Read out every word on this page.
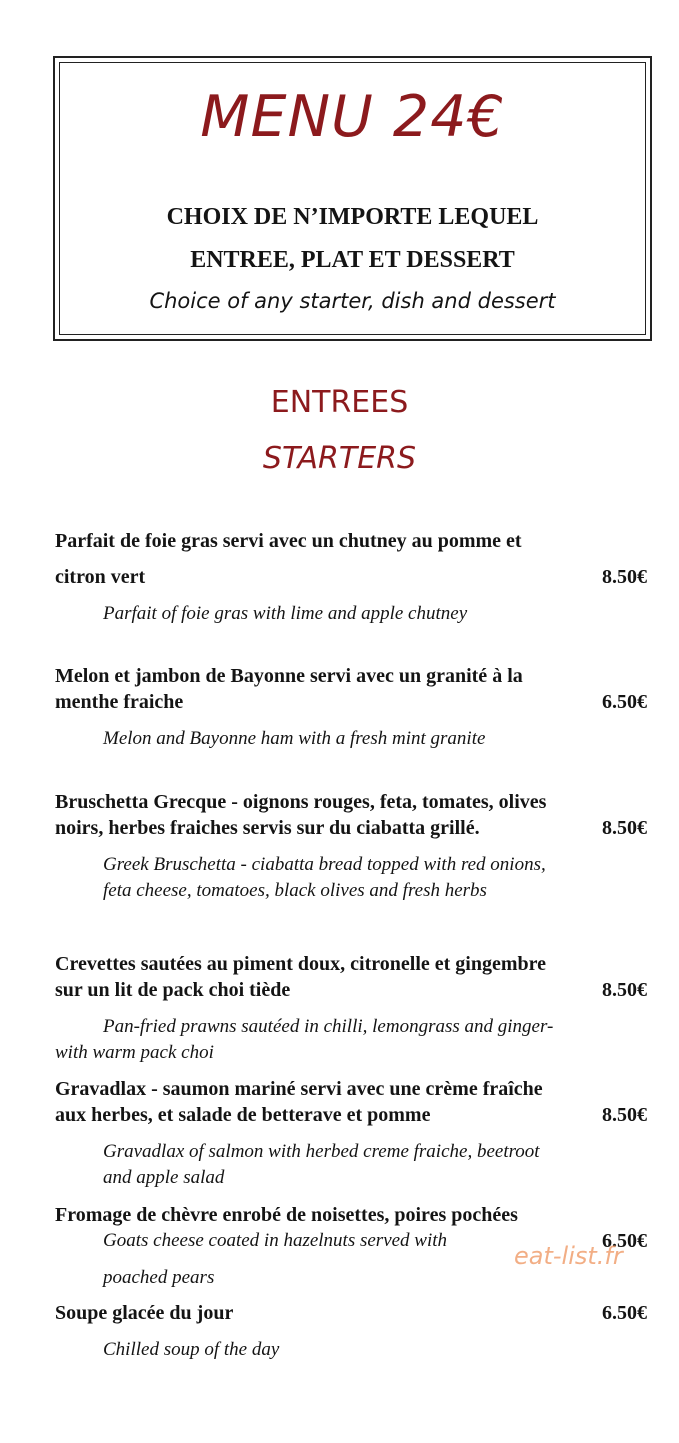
MENU 24€
CHOIX DE N’IMPORTE LEQUEL
ENTREE, PLAT ET DESSERT
Choice of any starter, dish and dessert
ENTREES
STARTERS
Parfait de foie gras servi avec un chutney au pomme et
citron vert	8.50€
Parfait of foie gras with lime and apple chutney
Melon et jambon de Bayonne servi avec un granité à la
menthe fraiche	6.50€
Melon and Bayonne ham with a fresh mint granite
Bruschetta Grecque - oignons rouges, feta, tomates, olives
noirs, herbes fraiches servis sur du ciabatta grillé.	8.50€
Greek Bruschetta - ciabatta bread topped with red onions,
feta cheese, tomatoes, black olives and fresh herbs
Crevettes sautées au piment doux, citronelle et gingembre
sur un lit de pack choi tiède	8.50€
Pan-fried prawns sautéed in chilli, lemongrass and ginger-
with warm pack choi
Gravadlax - saumon mariné servi avec une crème fraîche
aux herbes, et salade de betterave et pomme	8.50€
Gravadlax of salmon with herbed creme fraiche, beetroot
and apple salad
Fromage de chèvre enrobé de noisettes, poires pochées
Goats cheese coated in hazelnuts served with	6.50€
poached pears
Soupe glacée du jour	6.50€
Chilled soup of the day
eat-list.fr
